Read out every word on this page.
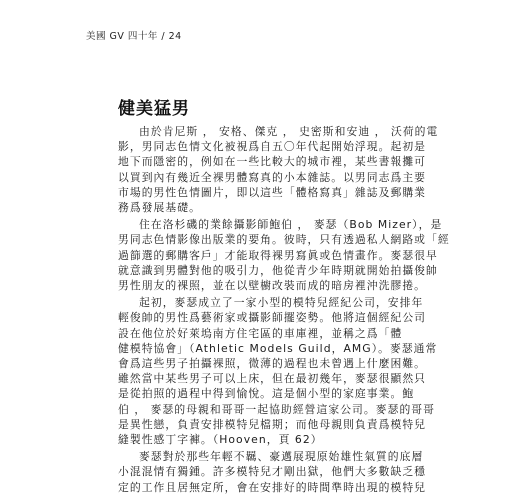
美國 GV 四十年 / 24
健美猛男

由於肯尼斯 ， 安格、傑克 ， 史密斯和安迪 ， 沃荷的電
影，男同志色情文化被視爲自五〇年代起開始浮現。起初是
地下而隱密的，例如在一些比較大的城市裡，某些書報攤可
以買到內有幾近全裸男體寫真的小本雜誌。以男同志爲主要
市場的男性色情圖片，即以這些「體格寫真」雜誌及郵購業
務爲發展基礎。

住在洛杉磯的業餘攝影師鮑伯 ， 麥瑟（Bob Mizer），是
男同志色情影像出版業的要角。彼時，只有透過私人網路或「經
過篩選的郵購客戶」才能取得裸男寫眞或色情畫作。麥瑟很早
就意識到男體對他的吸引力，他從青少年時期就開始拍攝俊帥
男性朋友的裸照，並在以壁櫥改裝而成的暗房裡沖洗膠捲。

起初，麥瑟成立了一家小型的模特兒經紀公司，安排年
輕俊帥的男性爲藝術家或攝影師擺姿勢。他將這個經紀公司
設在他位於好萊塢南方住宅區的車庫裡，並稱之爲「體
健模特協會」（Athletic Models Guild，AMG）。麥瑟通常
會爲這些男子拍攝裸照，微薄的過程也未曾遇上什麼困難。
雖然當中某些男子可以上床，但在最初幾年，麥瑟很顯然只
是從拍照的過程中得到愉悅。這是個小型的家庭事業。鮑
伯 ， 麥瑟的母親和哥哥一起協助經營這家公司。麥瑟的哥哥
是異性戀，負責安排模特兒檔期；而他母親則負責爲模特兒
縫製性感丁字褲。（Hooven，頁 62）

麥瑟對於那些年輕不羈、豪邁展現原始雄性氣質的底層
小混混情有獨鍾。許多模特兒才剛出獄，他們大多數缺乏穩
定的工作且居無定所，會在安排好的時間準時出現的模特兒
